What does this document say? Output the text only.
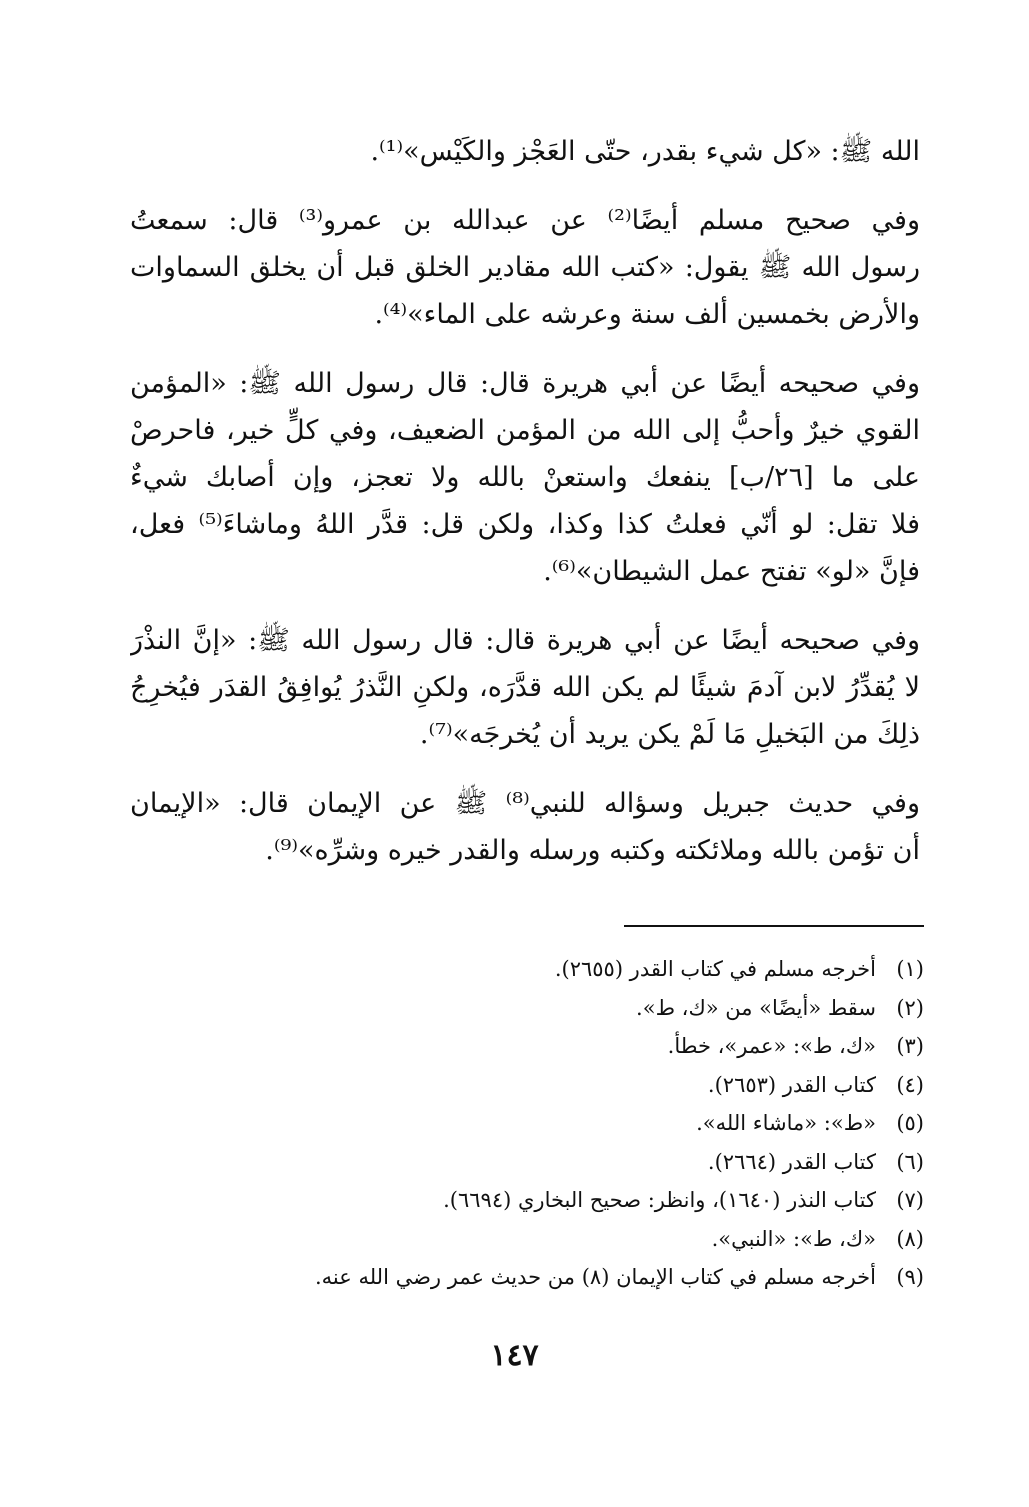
الله ﷺ: «كل شيء بقدر، حتّى العَجْز والكَيْس»⁽¹⁾.
وفي صحيح مسلم أيضًا⁽²⁾ عن عبدالله بن عمرو⁽³⁾ قال: سمعتُ
رسول الله ﷺ يقول: «كتب الله مقادير الخلق قبل أن يخلق السماوات
والأرض بخمسين ألف سنة وعرشه على الماء»⁽⁴⁾.
وفي صحيحه أيضًا عن أبي هريرة قال: قال رسول الله ﷺ: «المؤمن
القوي خيرٌ وأحبُّ إلى الله من المؤمن الضعيف، وفي كلٍّ خير، فاحرصْ
على ما [٢٦/ب] ينفعك واستعنْ بالله ولا تعجز، وإن أصابك شيءٌ
فلا تقل: لو أنّي فعلتُ كذا وكذا، ولكن قل: قدَّر اللهُ وماشاءَ⁽⁵⁾ فعل،
فإنَّ «لو» تفتح عمل الشيطان»⁽⁶⁾.
وفي صحيحه أيضًا عن أبي هريرة قال: قال رسول الله ﷺ: «إنَّ النذْرَ
لا يُقدِّرُ لابن آدمَ شيئًا لم يكن الله قدَّرَه، ولكنِ النَّذرُ يُوافِقُ القدَر فيُخرِجُ
ذلِكَ من البَخيلِ مَا لَمْ يكن يريد أن يُخرجَه»⁽⁷⁾.
وفي حديث جبريل وسؤاله للنبي⁽⁸⁾ ﷺ عن الإيمان قال: «الإيمان
أن تؤمن بالله وملائكته وكتبه ورسله والقدر خيره وشرِّه»⁽⁹⁾.
(١)
أخرجه مسلم في كتاب القدر (٢٦٥٥).
(٢)
سقط «أيضًا» من «ك، ط».
(٣)
«ك، ط»: «عمر»، خطأ.
(٤)
كتاب القدر (٢٦٥٣).
(٥)
«ط»: «ماشاء الله».
(٦)
كتاب القدر (٢٦٦٤).
(٧)
كتاب النذر (١٦٤٠)، وانظر: صحيح البخاري (٦٦٩٤).
(٨)
«ك، ط»: «النبي».
(٩)
أخرجه مسلم في كتاب الإيمان (٨) من حديث عمر رضي الله عنه.
١٤٧
